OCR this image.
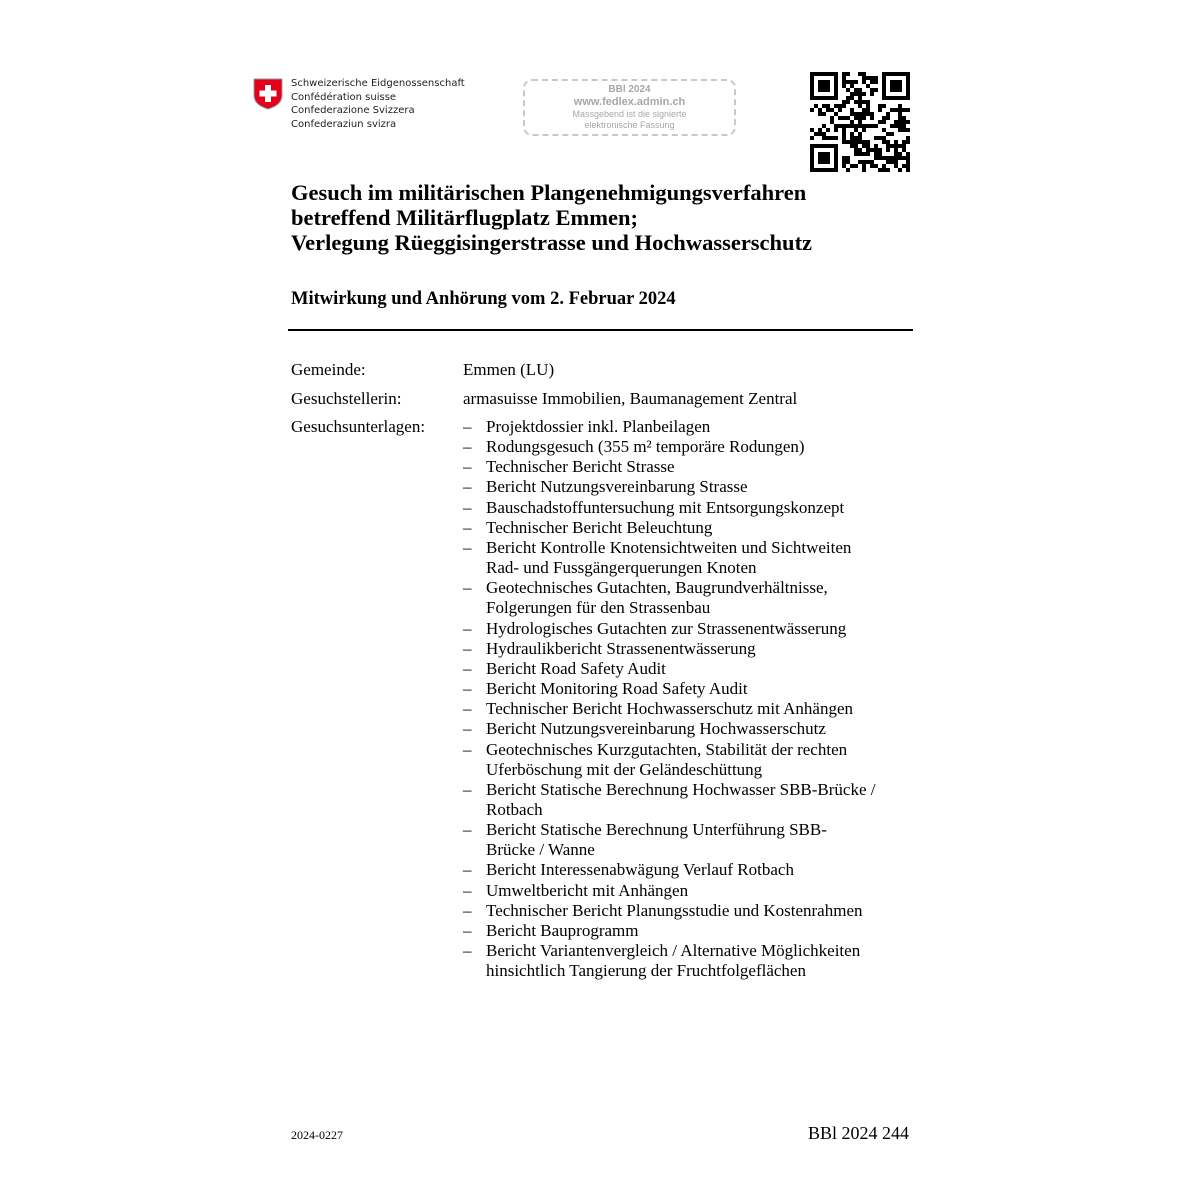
Schweizerische Eidgenossenschaft
Confédération suisse
Confederazione Svizzera
Confederaziun svizra
BBl 2024
www.fedlex.admin.ch
Massgebend ist die signierte
elektronische Fassung
Gesuch im militärischen Plangenehmigungsverfahren
betreffend Militärflugplatz Emmen;
Verlegung Rüeggisingerstrasse und Hochwasserschutz
Mitwirkung und Anhörung vom 2. Februar 2024
Gemeinde:	Emmen (LU)
Gesuchstellerin:	armasuisse Immobilien, Baumanagement Zentral
Gesuchsunterlagen: – Projektdossier inkl. Planbeilagen
– Rodungsgesuch (355 m² temporäre Rodungen)
– Technischer Bericht Strasse
– Bericht Nutzungsvereinbarung Strasse
– Bauschadstoffuntersuchung mit Entsorgungskonzept
– Technischer Bericht Beleuchtung
– Bericht Kontrolle Knotensichtweiten und Sichtweiten
Rad- und Fussgängerquerungen Knoten
– Geotechnisches Gutachten, Baugrundverhältnisse,
Folgerungen für den Strassenbau
– Hydrologisches Gutachten zur Strassenentwässerung
– Hydraulikbericht Strassenentwässerung
– Bericht Road Safety Audit
– Bericht Monitoring Road Safety Audit
– Technischer Bericht Hochwasserschutz mit Anhängen
– Bericht Nutzungsvereinbarung Hochwasserschutz
– Geotechnisches Kurzgutachten, Stabilität der rechten
Uferböschung mit der Geländeschüttung
– Bericht Statische Berechnung Hochwasser SBB-Brücke /
Rotbach
– Bericht Statische Berechnung Unterführung SBB-
Brücke / Wanne
– Bericht Interessenabwägung Verlauf Rotbach
– Umweltbericht mit Anhängen
– Technischer Bericht Planungsstudie und Kostenrahmen
– Bericht Bauprogramm
– Bericht Variantenvergleich / Alternative Möglichkeiten
hinsichtlich Tangierung der Fruchtfolgeflächen
2024-0227	BBl 2024 244
